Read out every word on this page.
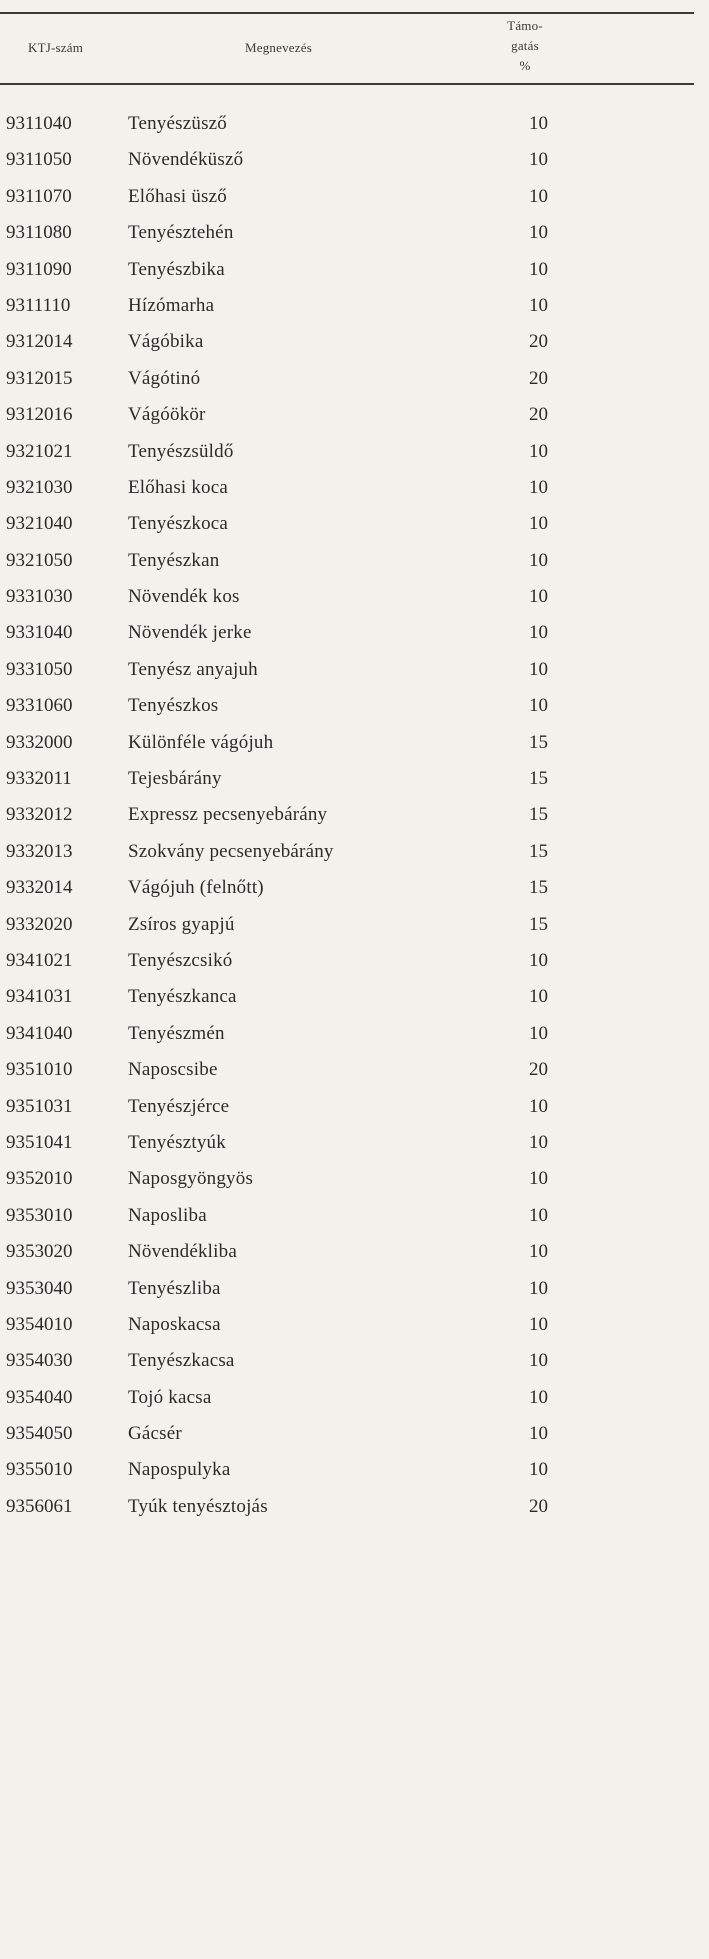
KTJ-szám	Megnevezés
Támo-
gatás
%
9311040	Tenyészüsző	10
9311050	Növendéküsző	10
9311070	Előhasi üsző	10
9311080	Tenyésztehén	10
9311090	Tenyészbika	10
9311110	Hízómarha	10
9312014	Vágóbika	20
9312015	Vágótinó	20
9312016	Vágóökör	20
9321021	Tenyészsüldő	10
9321030	Előhasi koca	10
9321040	Tenyészkoca	10
9321050	Tenyészkan	10
9331030	Növendék kos	10
9331040	Növendék jerke	10
9331050	Tenyész anyajuh	10
9331060	Tenyészkos	10
9332000	Különféle vágójuh	15
9332011	Tejesbárány	15
9332012	Expressz pecsenyebárány	15
9332013	Szokvány pecsenyebárány	15
9332014	Vágójuh (felnőtt)	15
9332020	Zsíros gyapjú	15
9341021	Tenyészcsikó	10
9341031	Tenyészkanca	10
9341040	Tenyészmén	10
9351010	Naposcsibe	20
9351031	Tenyészjérce	10
9351041	Tenyésztyúk	10
9352010	Naposgyöngyös	10
9353010	Naposliba	10
9353020	Növendékliba	10
9353040	Tenyészliba	10
9354010	Naposkacsa	10
9354030	Tenyészkacsa	10
9354040	Tojó kacsa	10
9354050	Gácsér	10
9355010	Napospulyka	10
9356061	Tyúk tenyésztojás	20
